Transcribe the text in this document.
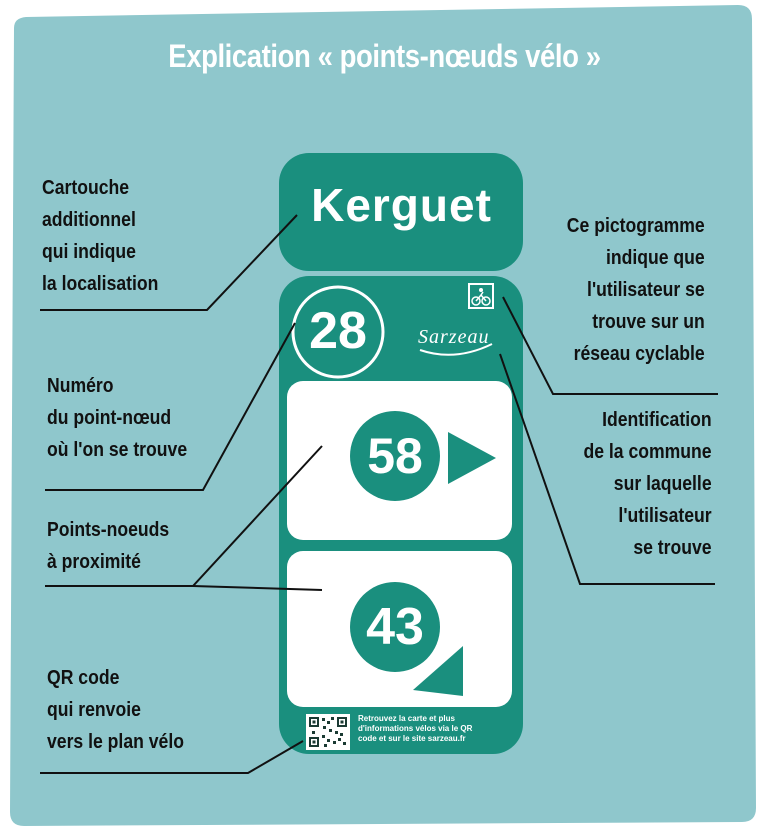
Explication « points-nœuds vélo »
Kerguet
28	Sarzeau
58
43
Retrouvez la carte et plus
d'informations vélos via le QR
code et sur le site sarzeau.fr
Cartouche
additionnel
qui indique
la localisation
Numéro
du point-nœud
où l'on se trouve
Points-noeuds
à proximité
QR code
qui renvoie
vers le plan vélo
Ce pictogramme
indique que
l'utilisateur se
trouve sur un
réseau cyclable
Identification
de la commune
sur laquelle
l'utilisateur
se trouve
